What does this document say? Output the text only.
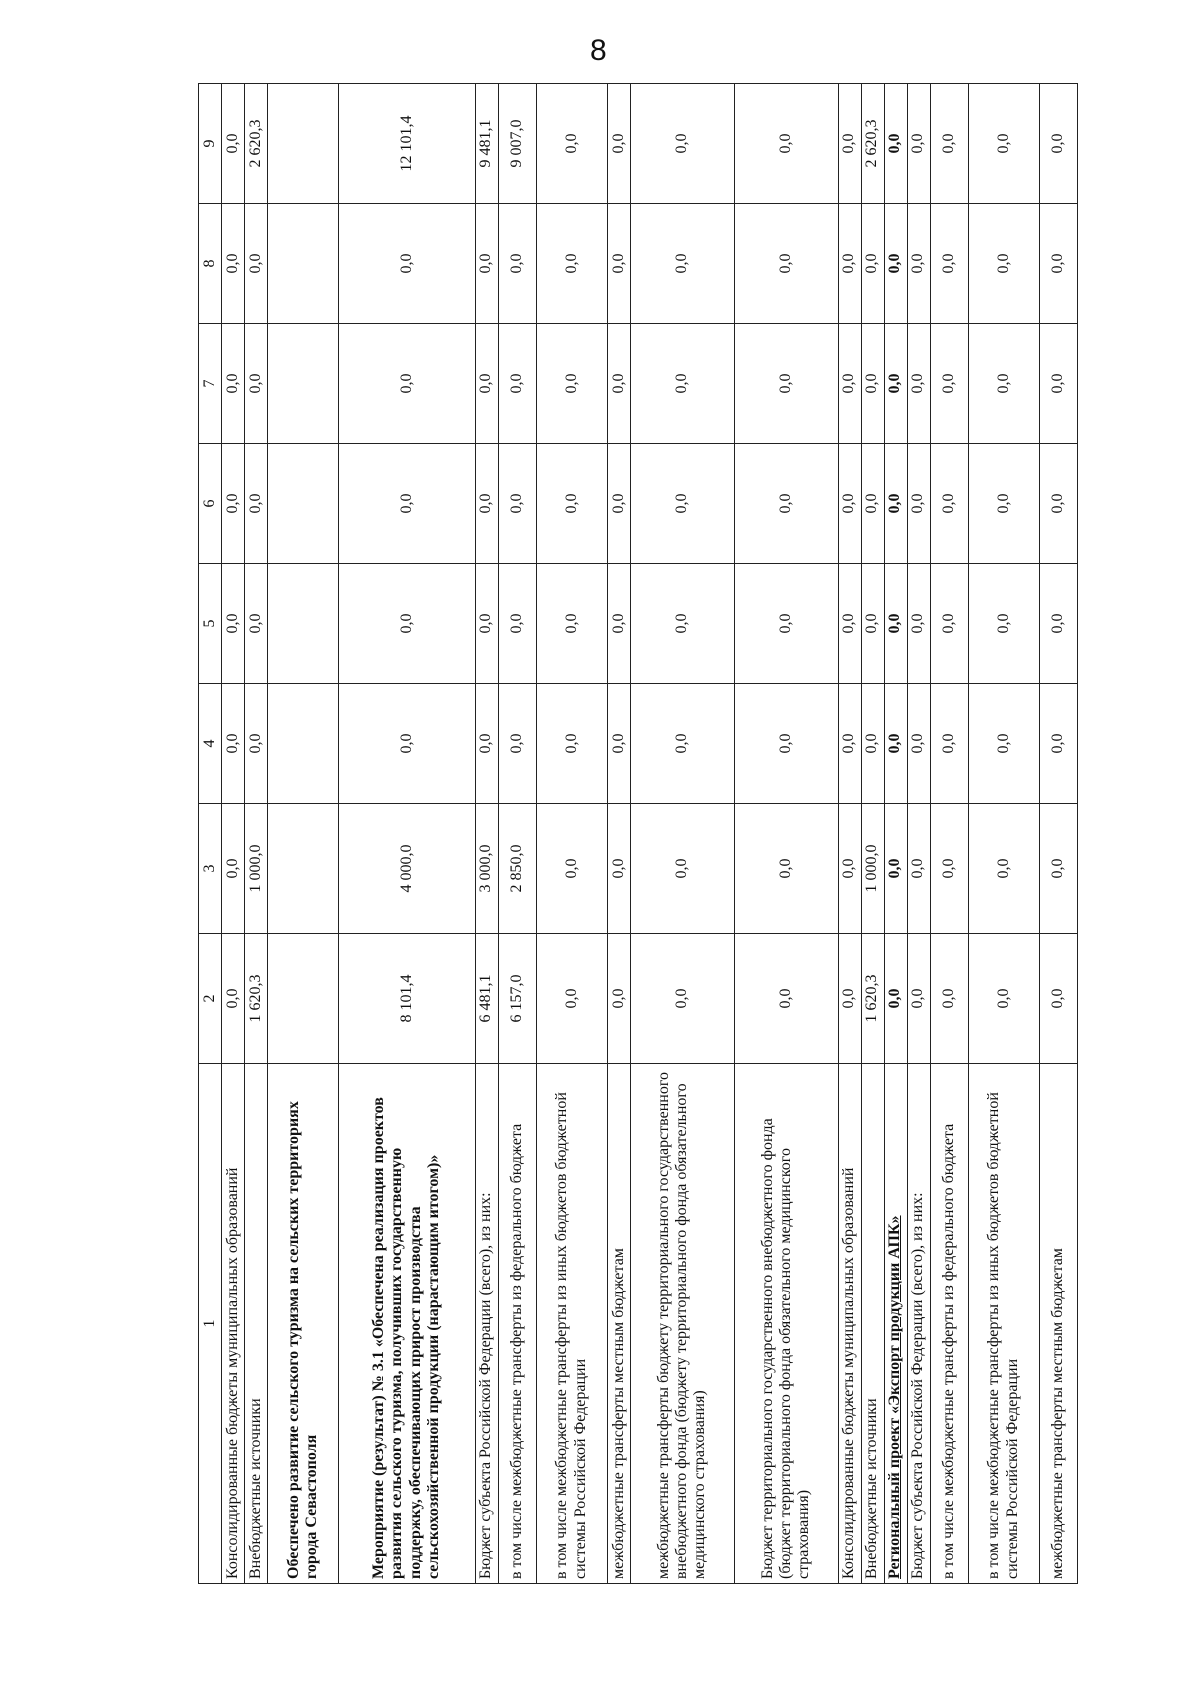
8
1	2	3	4	5	6	7	8	9
Консолидированные бюджеты муниципальных образований	0,0	0,0	0,0	0,0	0,0	0,0	0,0	0,0
Внебюджетные источники	1 620,3	1 000,0	0,0	0,0	0,0	0,0	0,0	2 620,3
Обеспечено развитие сельского туризма на сельских территориях города Севастополя								
Мероприятие (результат) № 3.1 «Обеспечена реализация проектов развития сельского туризма, получивших государственную поддержку, обеспечивающих прирост производства сельскохозяйственной продукции (нарастающим итогом)»	8 101,4	4 000,0	0,0	0,0	0,0	0,0	0,0	12 101,4
Бюджет субъекта Российской Федерации (всего), из них:	6 481,1	3 000,0	0,0	0,0	0,0	0,0	0,0	9 481,1
в том числе межбюджетные трансферты из федерального бюджета	6 157,0	2 850,0	0,0	0,0	0,0	0,0	0,0	9 007,0
в том числе межбюджетные трансферты из иных бюджетов бюджетной системы Российской Федерации	0,0	0,0	0,0	0,0	0,0	0,0	0,0	0,0
межбюджетные трансферты местным бюджетам	0,0	0,0	0,0	0,0	0,0	0,0	0,0	0,0
межбюджетные трансферты бюджету территориального государственного внебюджетного фонда (бюджету территориального фонда обязательного медицинского страхования)	0,0	0,0	0,0	0,0	0,0	0,0	0,0	0,0
Бюджет территориального государственного внебюджетного фонда (бюджет территориального фонда обязательного медицинского страхования)	0,0	0,0	0,0	0,0	0,0	0,0	0,0	0,0
Консолидированные бюджеты муниципальных образований	0,0	0,0	0,0	0,0	0,0	0,0	0,0	0,0
Внебюджетные источники	1 620,3	1 000,0	0,0	0,0	0,0	0,0	0,0	2 620,3
Региональный проект «Экспорт продукции АПК»	0,0	0,0	0,0	0,0	0,0	0,0	0,0	0,0
Бюджет субъекта Российской Федерации (всего), из них:	0,0	0,0	0,0	0,0	0,0	0,0	0,0	0,0
в том числе межбюджетные трансферты из федерального бюджета	0,0	0,0	0,0	0,0	0,0	0,0	0,0	0,0
в том числе межбюджетные трансферты из иных бюджетов бюджетной системы Российской Федерации	0,0	0,0	0,0	0,0	0,0	0,0	0,0	0,0
межбюджетные трансферты местным бюджетам	0,0	0,0	0,0	0,0	0,0	0,0	0,0	0,0
